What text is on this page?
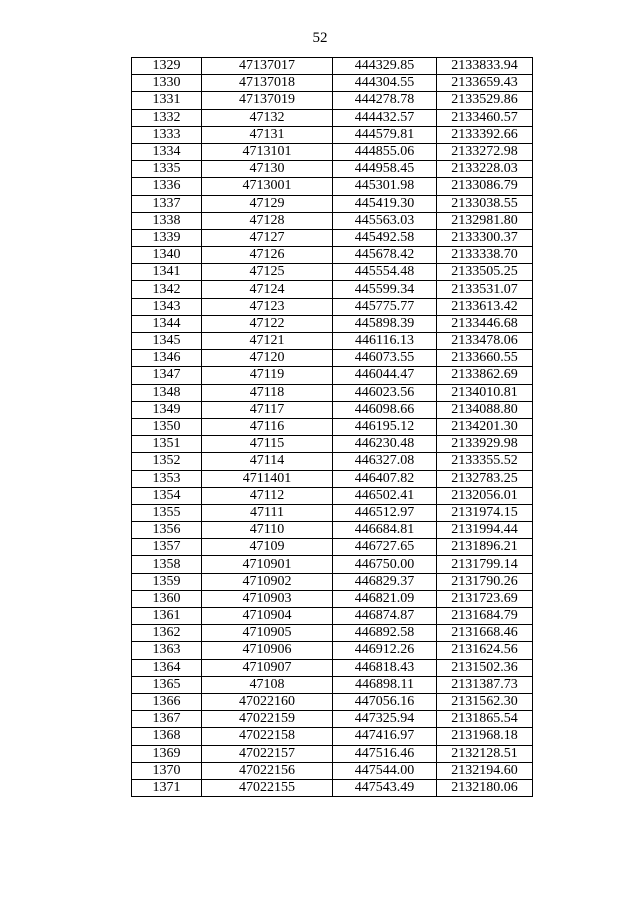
52
1329	47137017	444329.85	2133833.94
1330	47137018	444304.55	2133659.43
1331	47137019	444278.78	2133529.86
1332	47132	444432.57	2133460.57
1333	47131	444579.81	2133392.66
1334	4713101	444855.06	2133272.98
1335	47130	444958.45	2133228.03
1336	4713001	445301.98	2133086.79
1337	47129	445419.30	2133038.55
1338	47128	445563.03	2132981.80
1339	47127	445492.58	2133300.37
1340	47126	445678.42	2133338.70
1341	47125	445554.48	2133505.25
1342	47124	445599.34	2133531.07
1343	47123	445775.77	2133613.42
1344	47122	445898.39	2133446.68
1345	47121	446116.13	2133478.06
1346	47120	446073.55	2133660.55
1347	47119	446044.47	2133862.69
1348	47118	446023.56	2134010.81
1349	47117	446098.66	2134088.80
1350	47116	446195.12	2134201.30
1351	47115	446230.48	2133929.98
1352	47114	446327.08	2133355.52
1353	4711401	446407.82	2132783.25
1354	47112	446502.41	2132056.01
1355	47111	446512.97	2131974.15
1356	47110	446684.81	2131994.44
1357	47109	446727.65	2131896.21
1358	4710901	446750.00	2131799.14
1359	4710902	446829.37	2131790.26
1360	4710903	446821.09	2131723.69
1361	4710904	446874.87	2131684.79
1362	4710905	446892.58	2131668.46
1363	4710906	446912.26	2131624.56
1364	4710907	446818.43	2131502.36
1365	47108	446898.11	2131387.73
1366	47022160	447056.16	2131562.30
1367	47022159	447325.94	2131865.54
1368	47022158	447416.97	2131968.18
1369	47022157	447516.46	2132128.51
1370	47022156	447544.00	2132194.60
1371	47022155	447543.49	2132180.06
